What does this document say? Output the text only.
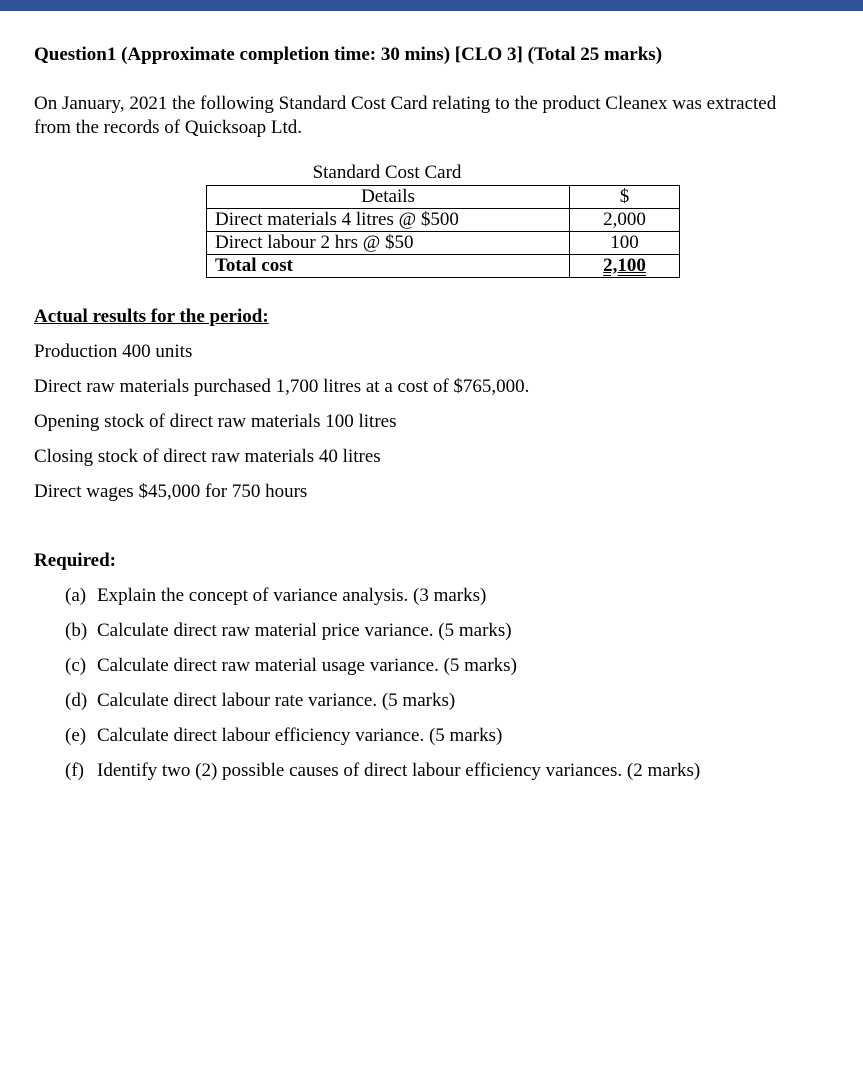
Question1 (Approximate completion time: 30 mins) [CLO 3] (Total 25 marks)
On January, 2021 the following Standard Cost Card relating to the product Cleanex was extracted from the records of Quicksoap Ltd.
Standard Cost Card
Details	$
Direct materials 4 litres @ $500	2,000
Direct labour 2 hrs @ $50	100
Total cost	2,100
Actual results for the period:
Production 400 units
Direct raw materials purchased 1,700 litres at a cost of $765,000.
Opening stock of direct raw materials 100 litres
Closing stock of direct raw materials 40 litres
Direct wages $45,000 for 750 hours
Required:
(a) Explain the concept of variance analysis. (3 marks)
(b) Calculate direct raw material price variance. (5 marks)
(c) Calculate direct raw material usage variance. (5 marks)
(d) Calculate direct labour rate variance. (5 marks)
(e) Calculate direct labour efficiency variance. (5 marks)
(f) Identify two (2) possible causes of direct labour efficiency variances. (2 marks)
